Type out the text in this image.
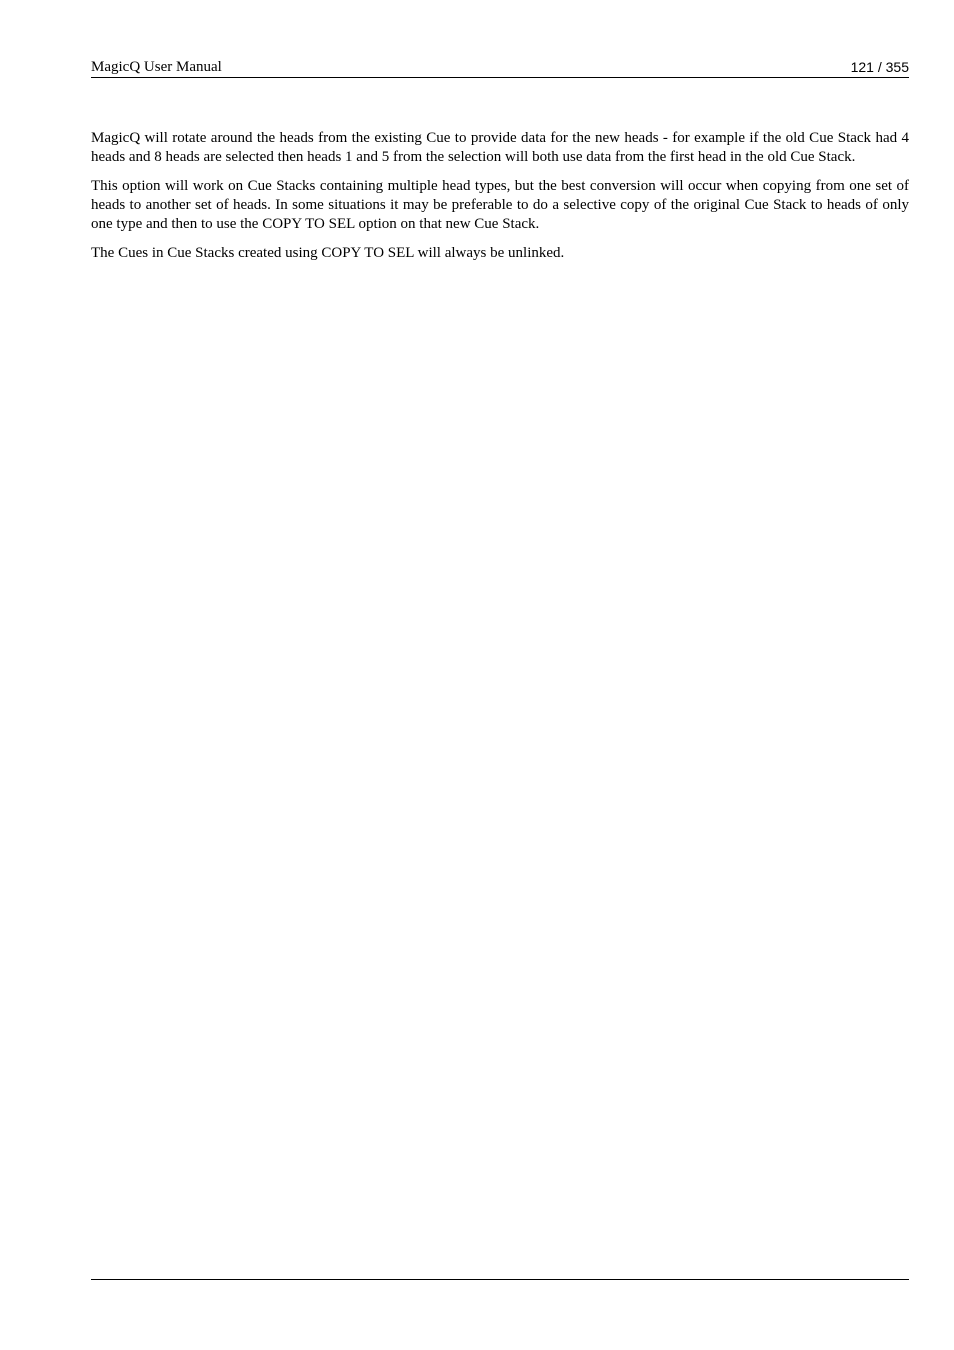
MagicQ User Manual	121 / 355

MagicQ will rotate around the heads from the existing Cue to provide data for the new heads - for example if the old Cue Stack had 4 heads and 8 heads are selected then heads 1 and 5 from the selection will both use data from the first head in the old Cue Stack.

This option will work on Cue Stacks containing multiple head types, but the best conversion will occur when copying from one set of heads to another set of heads. In some situations it may be preferable to do a selective copy of the original Cue Stack to heads of only one type and then to use the COPY TO SEL option on that new Cue Stack.

The Cues in Cue Stacks created using COPY TO SEL will always be unlinked.
